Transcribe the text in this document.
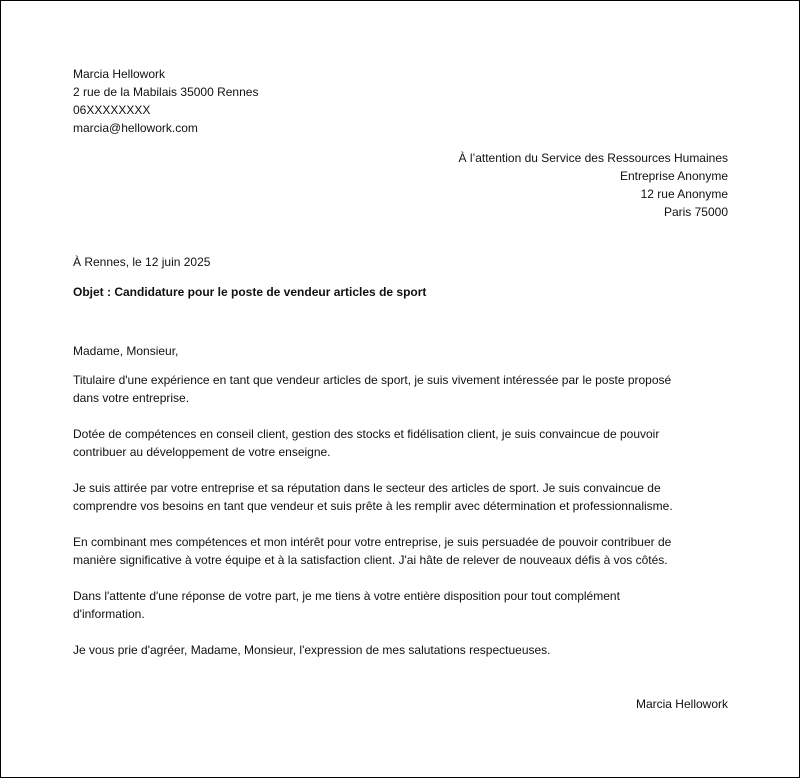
Marcia Hellowork
2 rue de la Mabilais 35000 Rennes
06XXXXXXXX
marcia@hellowork.com
À l’attention du Service des Ressources Humaines
Entreprise Anonyme
12 rue Anonyme
Paris 75000
À Rennes, le 12 juin 2025
Objet : Candidature pour le poste de vendeur articles de sport
Madame, Monsieur,
Titulaire d'une expérience en tant que vendeur articles de sport, je suis vivement intéressée par le poste proposé
dans votre entreprise.
Dotée de compétences en conseil client, gestion des stocks et fidélisation client, je suis convaincue de pouvoir
contribuer au développement de votre enseigne.
Je suis attirée par votre entreprise et sa réputation dans le secteur des articles de sport. Je suis convaincue de
comprendre vos besoins en tant que vendeur et suis prête à les remplir avec détermination et professionnalisme.
En combinant mes compétences et mon intérêt pour votre entreprise, je suis persuadée de pouvoir contribuer de
manière significative à votre équipe et à la satisfaction client. J'ai hâte de relever de nouveaux défis à vos côtés.
Dans l'attente d'une réponse de votre part, je me tiens à votre entière disposition pour tout complément
d'information.
Je vous prie d'agréer, Madame, Monsieur, l'expression de mes salutations respectueuses.
Marcia Hellowork
